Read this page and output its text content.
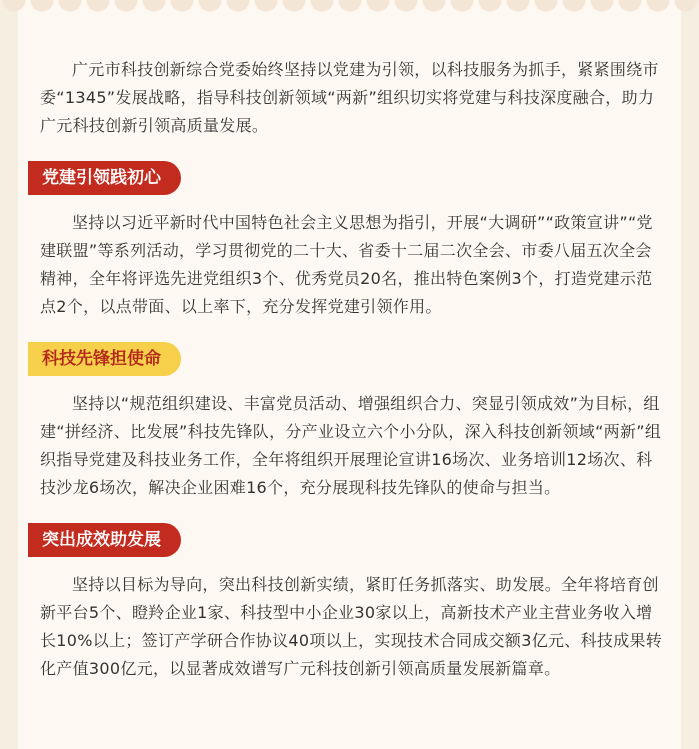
广元市科技创新综合党委始终坚持以党建为引领，以科技服务为抓手，紧紧围绕市委“1345”发展战略，指导科技创新领域“两新”组织切实将党建与科技深度融合，助力广元科技创新引领高质量发展。

党建引领践初心

坚持以习近平新时代中国特色社会主义思想为指引，开展“大调研”“政策宣讲”“党建联盟”等系列活动，学习贯彻党的二十大、省委十二届二次全会、市委八届五次全会精神，全年将评选先进党组织3个、优秀党员20名，推出特色案例3个，打造党建示范点2个，以点带面、以上率下，充分发挥党建引领作用。

科技先锋担使命

坚持以“规范组织建设、丰富党员活动、增强组织合力、突显引领成效”为目标，组建“拼经济、比发展”科技先锋队，分产业设立六个小分队，深入科技创新领域“两新”组织指导党建及科技业务工作，全年将组织开展理论宣讲16场次、业务培训12场次、科技沙龙6场次，解决企业困难16个，充分展现科技先锋队的使命与担当。

突出成效助发展

坚持以目标为导向，突出科技创新实绩，紧盯任务抓落实、助发展。全年将培育创新平台5个、瞪羚企业1家、科技型中小企业30家以上，高新技术产业主营业务收入增长10%以上；签订产学研合作协议40项以上，实现技术合同成交额3亿元、科技成果转化产值300亿元，以显著成效谱写广元科技创新引领高质量发展新篇章。
